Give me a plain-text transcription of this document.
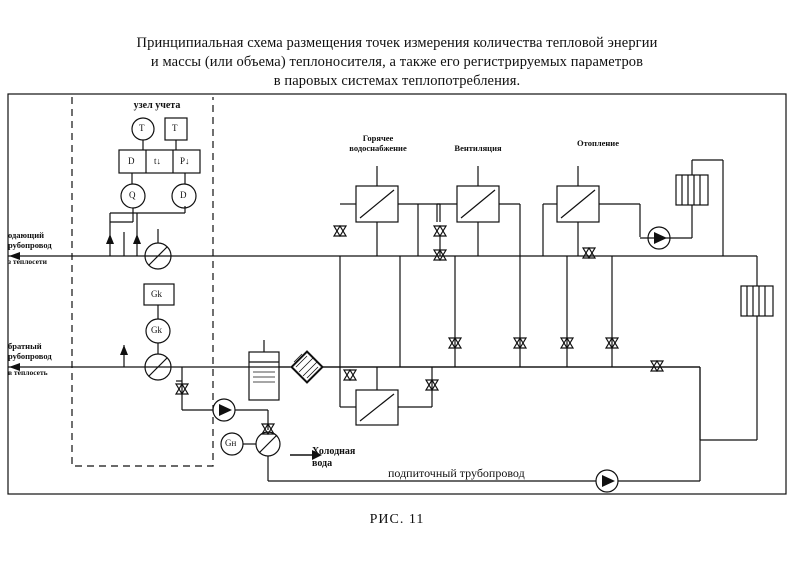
Принципиальная схема размещения точек измерения количества тепловой энергии
и массы (или объема) теплоносителя, а также его регистрируемых параметров
в паровых системах теплопотребления.
узел учета
T	T
D t↓ P↓
Q	D
Gk
Gk
Gн
одающий
рубопровод
з теплосети
братный
рубопровод
в теплосеть
Горячее
водоснабжение	Вентиляция	Отопление
Холодная
вода
подпиточный трубопровод
РИС. 11
